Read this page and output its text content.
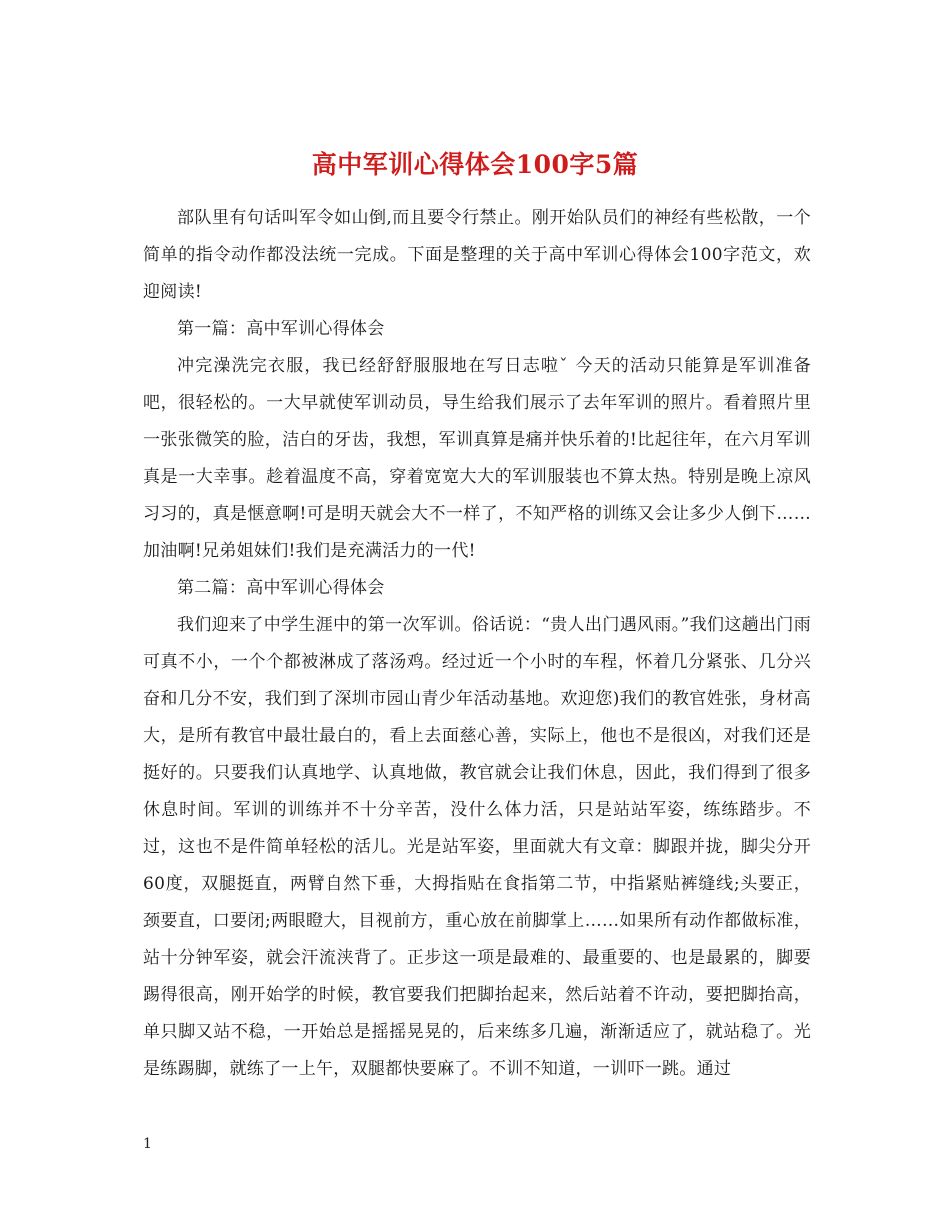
高中军训心得体会100字5篇

部队里有句话叫军令如山倒,而且要令行禁止。刚开始队员们的神经有些松散，一个简单的指令动作都没法统一完成。下面是整理的关于高中军训心得体会100字范文，欢迎阅读!

第一篇：高中军训心得体会

冲完澡洗完衣服，我已经舒舒服服地在写日志啦ˇ 今天的活动只能算是军训准备吧，很轻松的。一大早就使军训动员，导生给我们展示了去年军训的照片。看着照片里一张张微笑的脸，洁白的牙齿，我想，军训真算是痛并快乐着的!比起往年，在六月军训真是一大幸事。趁着温度不高，穿着宽宽大大的军训服装也不算太热。特别是晚上凉风习习的，真是惬意啊!可是明天就会大不一样了，不知严格的训练又会让多少人倒下……加油啊!兄弟姐妹们!我们是充满活力的一代!

第二篇：高中军训心得体会

我们迎来了中学生涯中的第一次军训。俗话说：“贵人出门遇风雨。”我们这趟出门雨可真不小，一个个都被淋成了落汤鸡。经过近一个小时的车程，怀着几分紧张、几分兴奋和几分不安，我们到了深圳市园山青少年活动基地。欢迎您)我们的教官姓张，身材高大，是所有教官中最壮最白的，看上去面慈心善，实际上，他也不是很凶，对我们还是挺好的。只要我们认真地学、认真地做，教官就会让我们休息，因此，我们得到了很多休息时间。军训的训练并不十分辛苦，没什么体力活，只是站站军姿，练练踏步。不过，这也不是件简单轻松的活儿。光是站军姿，里面就大有文章：脚跟并拢，脚尖分开60度，双腿挺直，两臂自然下垂，大拇指贴在食指第二节，中指紧贴裤缝线;头要正，颈要直，口要闭;两眼瞪大，目视前方，重心放在前脚掌上……如果所有动作都做标准，站十分钟军姿，就会汗流浃背了。正步这一项是最难的、最重要的、也是最累的，脚要踢得很高，刚开始学的时候，教官要我们把脚抬起来，然后站着不许动，要把脚抬高，单只脚又站不稳，一开始总是摇摇晃晃的，后来练多几遍，渐渐适应了，就站稳了。光是练踢脚，就练了一上午，双腿都快要麻了。不训不知道，一训吓一跳。通过

1
